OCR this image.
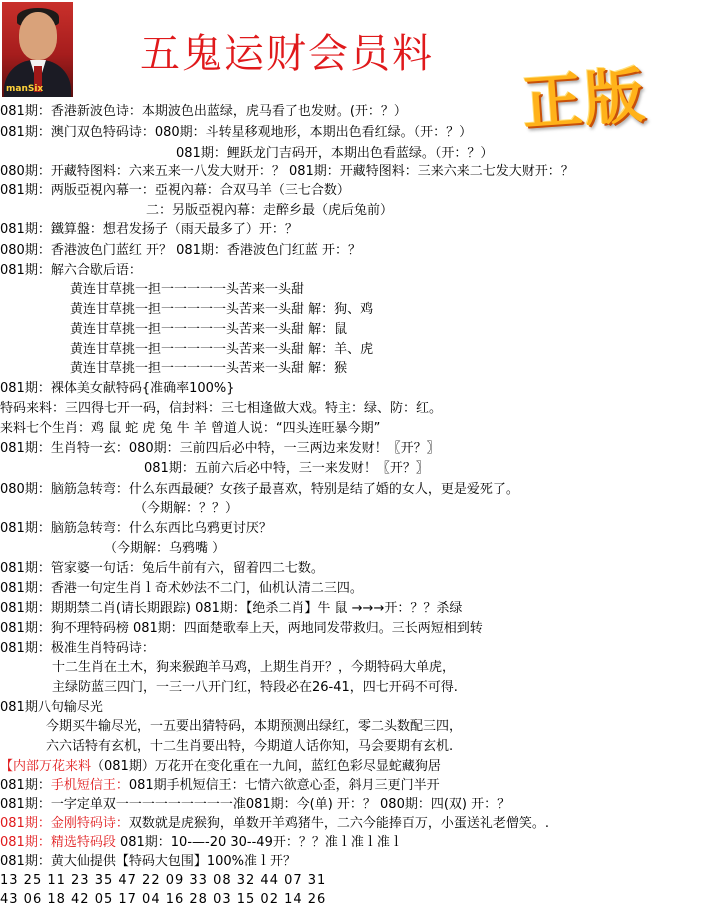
manSix
五鬼运财会员料
正版
081期：香港新波色诗：本期波色出蓝绿，虎马看了也发财。(开：？）
081期：澳门双色特码诗：080期：斗转星移观地形，本期出色看红绿。（开：？）
081期：鲤跃龙门吉码开，本期出色看蓝绿。（开：？）
080期：开藏特图料：六来五来一八发大财开：？ 081期：开藏特图料：三来六来二七发大财开：？
081期：两版亞視內幕一：亞視內幕：合双马羊（三七合数）
二：另版亞視內幕：走醉乡最（虎后兔前）
081期：鐵算盤：想君发扬子（雨天最多了）开：？
080期：香港波色门蓝红 开？ 081期：香港波色门红蓝 开：？
081期：解六合歇后语：
黄连甘草挑一担一一一一一头苦来一头甜
黄连甘草挑一担一一一一一头苦来一头甜 解：狗、鸡
黄连甘草挑一担一一一一一头苦来一头甜 解：鼠
黄连甘草挑一担一一一一一头苦来一头甜 解：羊、虎
黄连甘草挑一担一一一一一头苦来一头甜 解：猴
081期：裸体美女献特码{准确率100%}
特码来料：三四得七开一码，信封料：三七相逢做大戏。特主：绿、防：红。
来料七个生肖：鸡 鼠 蛇 虎 兔 牛 羊 曾道人说：“四头连旺暴今期”
081期：生肖特一玄：080期：三前四后必中特，一三两边来发财！〖开？〗
081期：五前六后必中特，三一来发财！〖开？〗
080期：脑筋急转弯：什么东西最硬？女孩子最喜欢，特别是结了婚的女人，更是爱死了。
（今期解：？？）
081期：脑筋急转弯：什么东西比乌鸦更讨厌？
（今期解：乌鸦嘴 ）
081期：管家婆一句话：兔后牛前有六，留着四二七数。
081期：香港一句定生肖ｌ奇术妙法不二门，仙机认清二三四。
081期：期期禁二肖(请长期跟踪) 081期：【绝杀二肖】牛 鼠 →→→开：？？杀绿
081期：狗不理特码榜 081期：四面楚歌奉上天，两地同发带救归。三长两短相到转
081期：极准生肖特码诗：
十二生肖在土木，狗来猴跑羊马鸡，上期生肖开？，今期特码大单虎，
主绿防蓝三四门，一三一八开门红，特段必在26-41，四七开码不可得.
081期八句输尽光
今期买牛输尽光，一五要出猜特码，本期预测出绿红，零二头数配三四，
六六话特有玄机，十二生肖要出特，今期道人话你知，马会要期有玄机.
【内部万花来料（081期）万花开在变化重在一九间，蓝红色彩尽显蛇藏狗居
081期：手机短信王：081期手机短信王：七情六欲意心歪，斜月三更门半开
081期：一字定单双一一一一一一一一一准081期：今(单) 开：？ 080期：四(双) 开：？
081期：金刚特码诗：双数就是虎猴狗，单数开羊鸡猪牛，二六今能捧百万，小蛋送礼老僧笑。.
081期：精选特码段 081期：10-—-20 30--49开：？？准ｌ准ｌ准ｌ
081期：黄大仙提供【特码大包围】100%准ｌ开？
13 25 11 23 35 47 22 09 33 08 32 44 07 31
43 06 18 42 05 17 04 16 28 03 15 02 14 26
